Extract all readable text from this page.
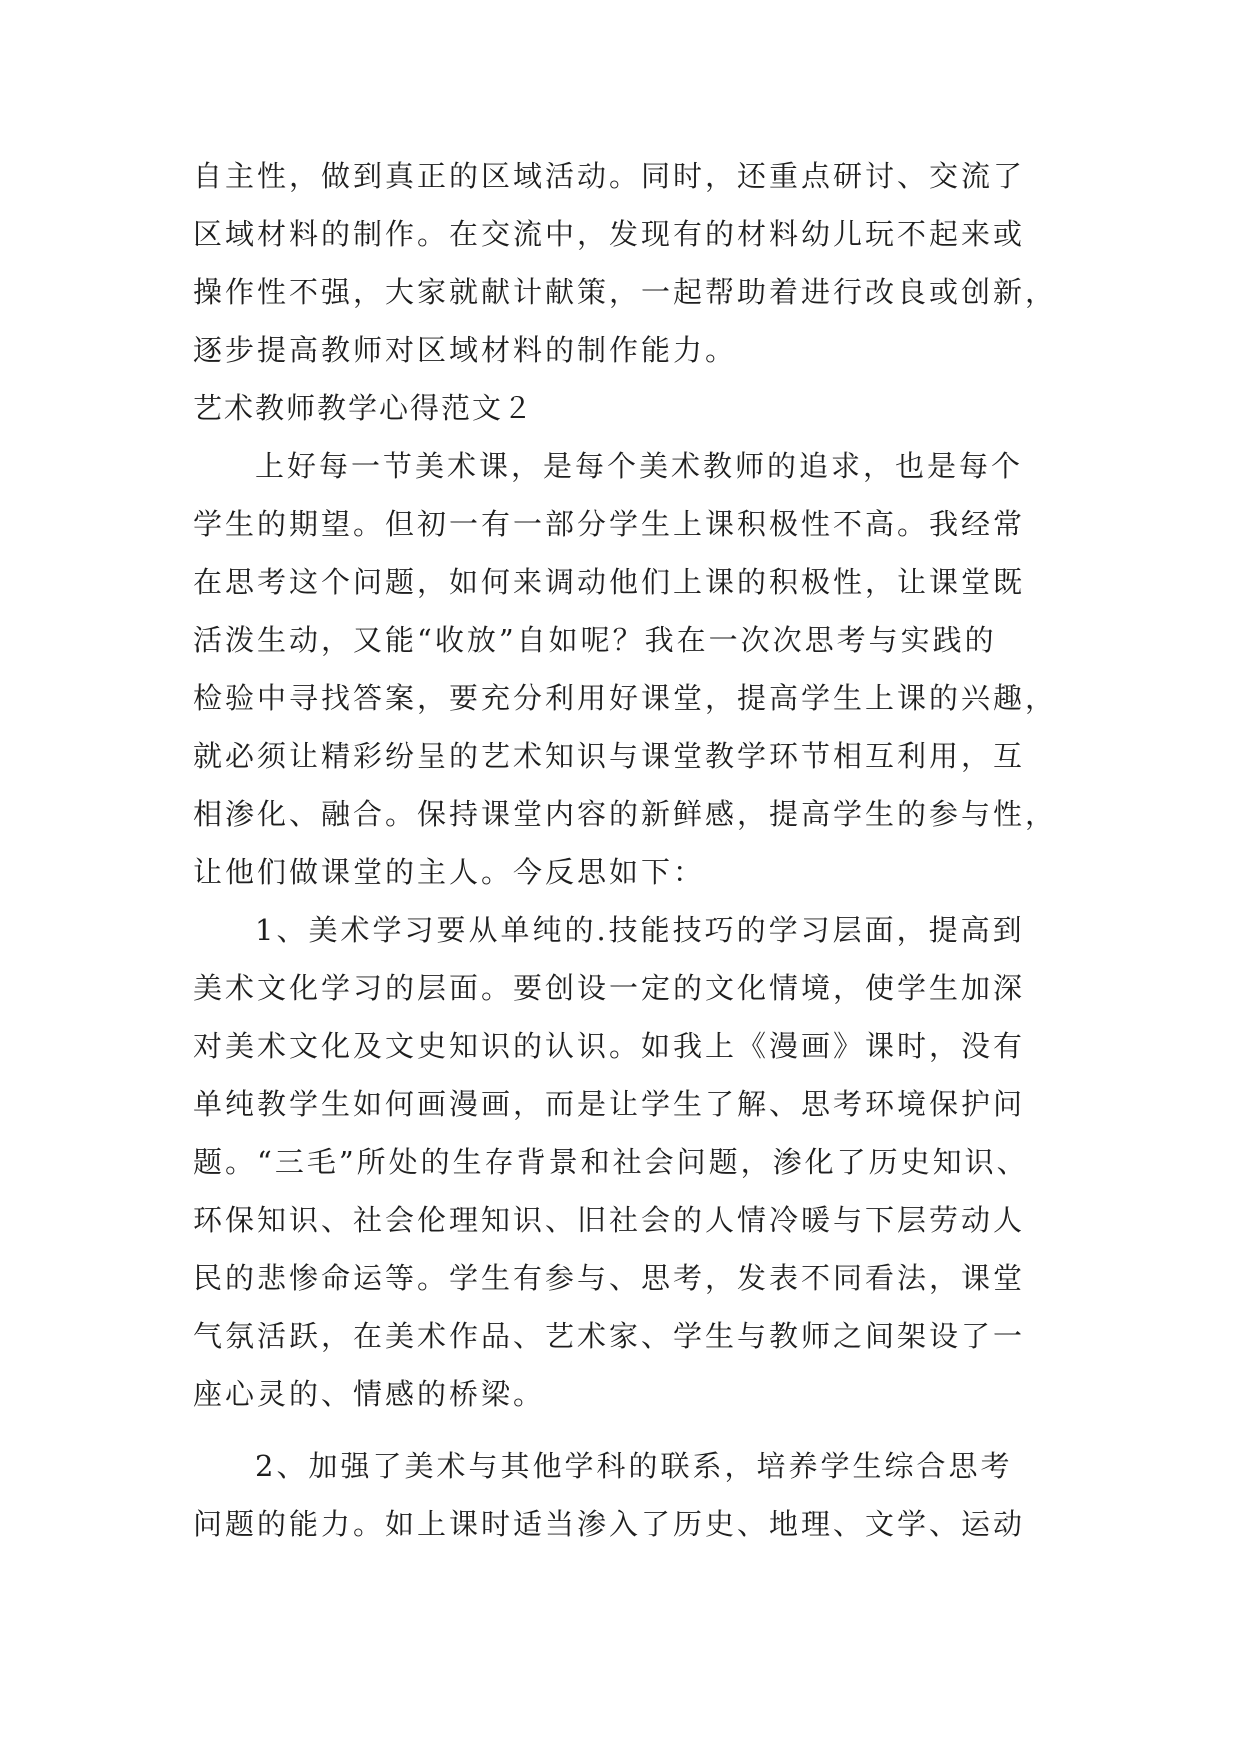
自主性，做到真正的区域活动。同时，还重点研讨、交流了
区域材料的制作。在交流中，发现有的材料幼儿玩不起来或
操作性不强，大家就献计献策，一起帮助着进行改良或创新，
逐步提高教师对区域材料的制作能力。
艺术教师教学心得范文２
上好每一节美术课，是每个美术教师的追求，也是每个
学生的期望。但初一有一部分学生上课积极性不高。我经常
在思考这个问题，如何来调动他们上课的积极性，让课堂既
活泼生动，又能“收放”自如呢？我在一次次思考与实践的
检验中寻找答案，要充分利用好课堂，提高学生上课的兴趣，
就必须让精彩纷呈的艺术知识与课堂教学环节相互利用，互
相渗化、融合。保持课堂内容的新鲜感，提高学生的参与性，
让他们做课堂的主人。今反思如下：
1、美术学习要从单纯的.技能技巧的学习层面，提高到
美术文化学习的层面。要创设一定的文化情境，使学生加深
对美术文化及文史知识的认识。如我上《漫画》课时，没有
单纯教学生如何画漫画，而是让学生了解、思考环境保护问
题。“三毛”所处的生存背景和社会问题，渗化了历史知识、
环保知识、社会伦理知识、旧社会的人情冷暖与下层劳动人
民的悲惨命运等。学生有参与、思考，发表不同看法，课堂
气氛活跃，在美术作品、艺术家、学生与教师之间架设了一
座心灵的、情感的桥梁。
2、加强了美术与其他学科的联系，培养学生综合思考
问题的能力。如上课时适当渗入了历史、地理、文学、运动
